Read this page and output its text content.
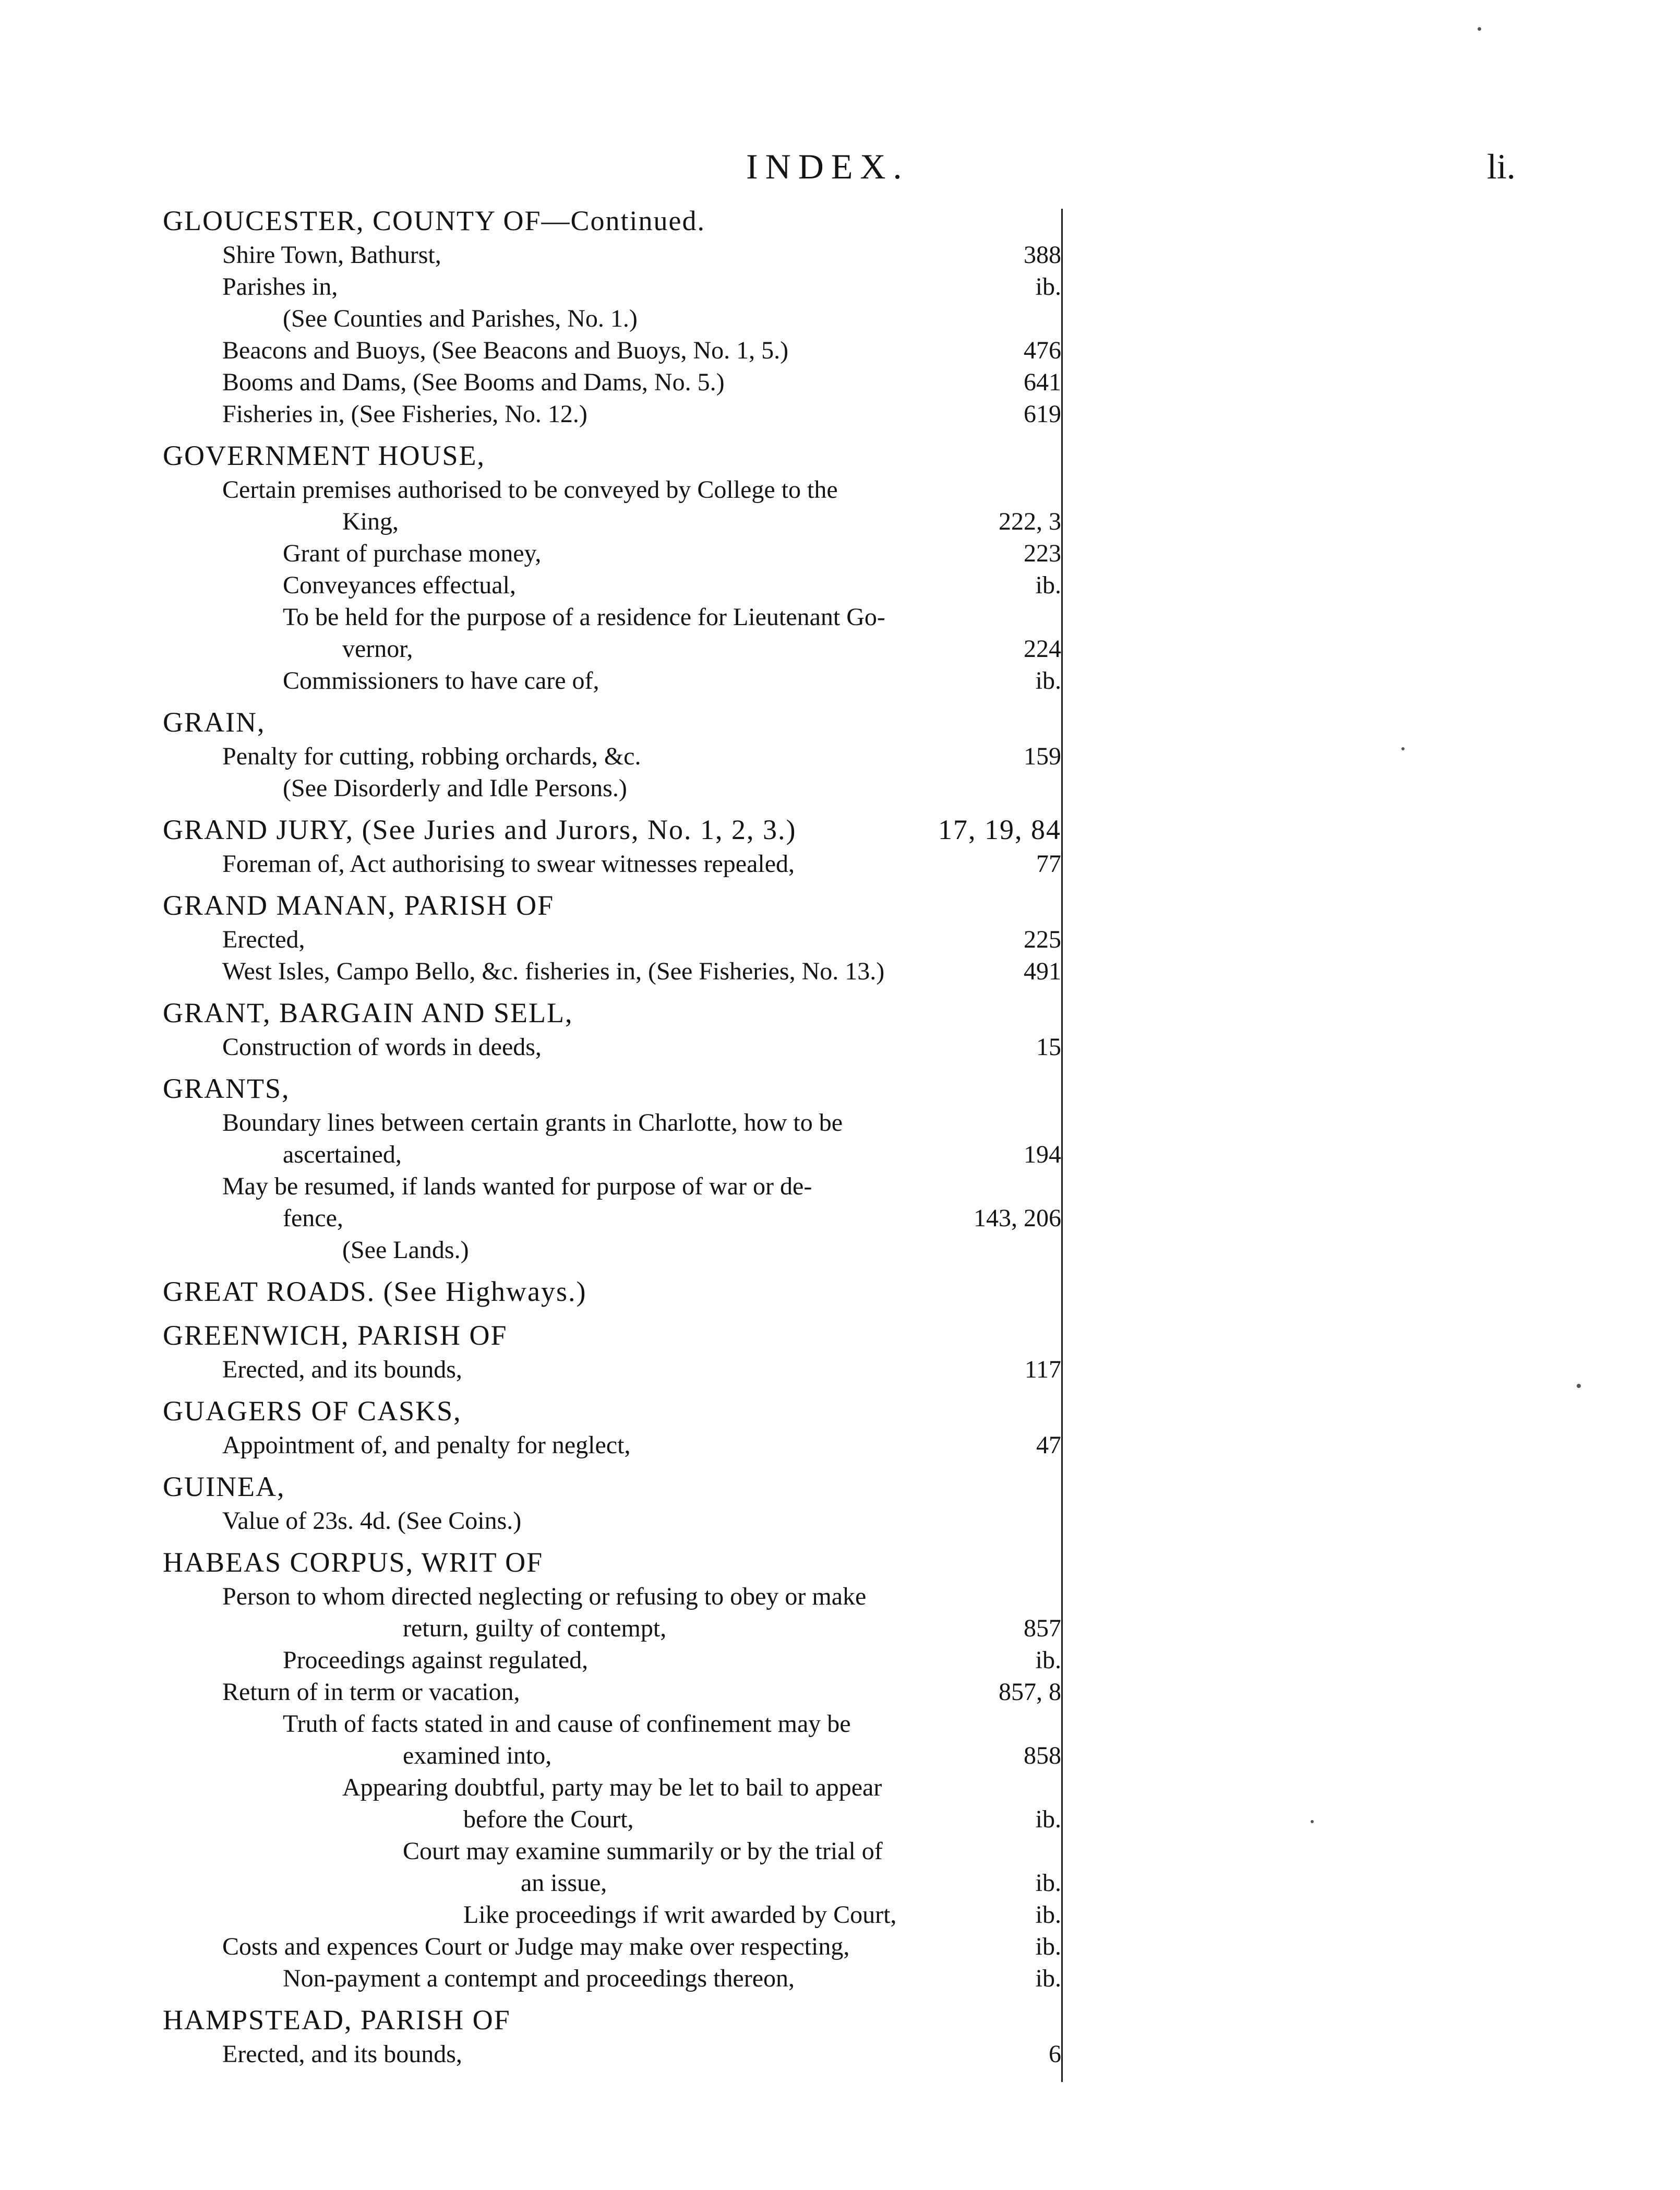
INDEX.	li.
GLOUCESTER, COUNTY OF—Continued.
Shire Town, Bathurst,	388
Parishes in,	ib.
(See Counties and Parishes, No. 1.)
Beacons and Buoys, (See Beacons and Buoys, No. 1, 5.)	476
Booms and Dams, (See Booms and Dams, No. 5.)	641
Fisheries in, (See Fisheries, No. 12.)	619
GOVERNMENT HOUSE,
Certain premises authorised to be conveyed by College to the
King,	222, 3
Grant of purchase money,	223
Conveyances effectual,	ib.
To be held for the purpose of a residence for Lieutenant Go-
vernor,	224
Commissioners to have care of,	ib.
GRAIN,
Penalty for cutting, robbing orchards, &c.	159
(See Disorderly and Idle Persons.)
GRAND JURY, (See Juries and Jurors, No. 1, 2, 3.)	17, 19, 84
Foreman of, Act authorising to swear witnesses repealed,	77
GRAND MANAN, PARISH OF
Erected,	225
West Isles, Campo Bello, &c. fisheries in, (See Fisheries, No. 13.)	491
GRANT, BARGAIN AND SELL,
Construction of words in deeds,	15
GRANTS,
Boundary lines between certain grants in Charlotte, how to be
ascertained,	194
May be resumed, if lands wanted for purpose of war or de-
fence,	143, 206
(See Lands.)
GREAT ROADS. (See Highways.)
GREENWICH, PARISH OF
Erected, and its bounds,	117
GUAGERS OF CASKS,
Appointment of, and penalty for neglect,	47
GUINEA,
Value of 23s. 4d. (See Coins.)
HABEAS CORPUS, WRIT OF
Person to whom directed neglecting or refusing to obey or make
return, guilty of contempt,	857
Proceedings against regulated,	ib.
Return of in term or vacation,	857, 8
Truth of facts stated in and cause of confinement may be
examined into,	858
Appearing doubtful, party may be let to bail to appear
before the Court,	ib.
Court may examine summarily or by the trial of
an issue,	ib.
Like proceedings if writ awarded by Court,	ib.
Costs and expences Court or Judge may make over respecting,	ib.
Non-payment a contempt and proceedings thereon,	ib.
HAMPSTEAD, PARISH OF
Erected, and its bounds,	6
